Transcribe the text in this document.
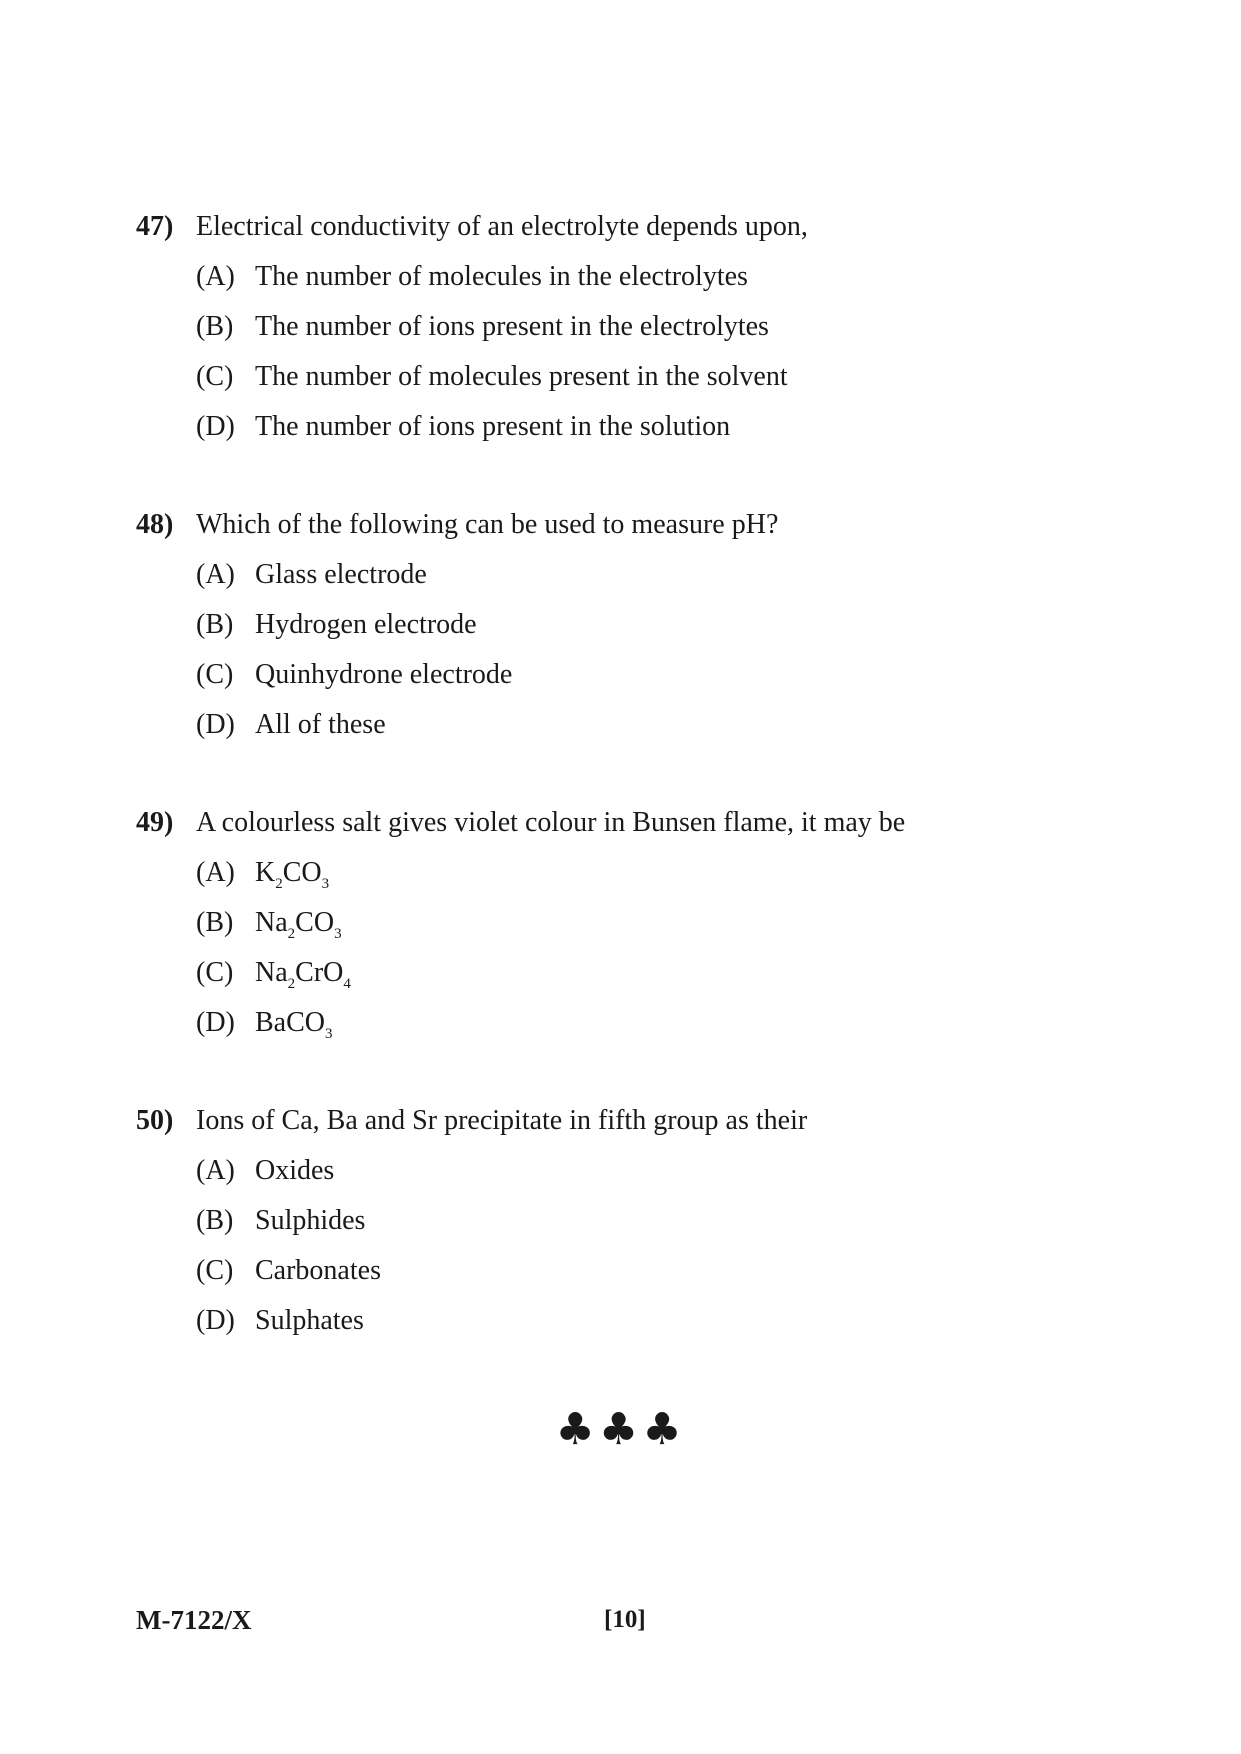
47) Electrical conductivity of an electrolyte depends upon,
(A) The number of molecules in the electrolytes
(B) The number of ions present in the electrolytes
(C) The number of molecules present in the solvent
(D) The number of ions present in the solution
48) Which of the following can be used to measure pH?
(A) Glass electrode
(B) Hydrogen electrode
(C) Quinhydrone electrode
(D) All of these
49) A colourless salt gives violet colour in Bunsen flame, it may be
(A) $K_2CO_3$
(B) $Na_2CO_3$
(C) $Na_2CrO_4$
(D) BaCO$_3$
50) Ions of Ca, Ba and Sr precipitate in fifth group as their
(A) Oxides
(B) Sulphides
(C) Carbonates
(D) Sulphates
♣♣♣
M-7122/X	[10]
